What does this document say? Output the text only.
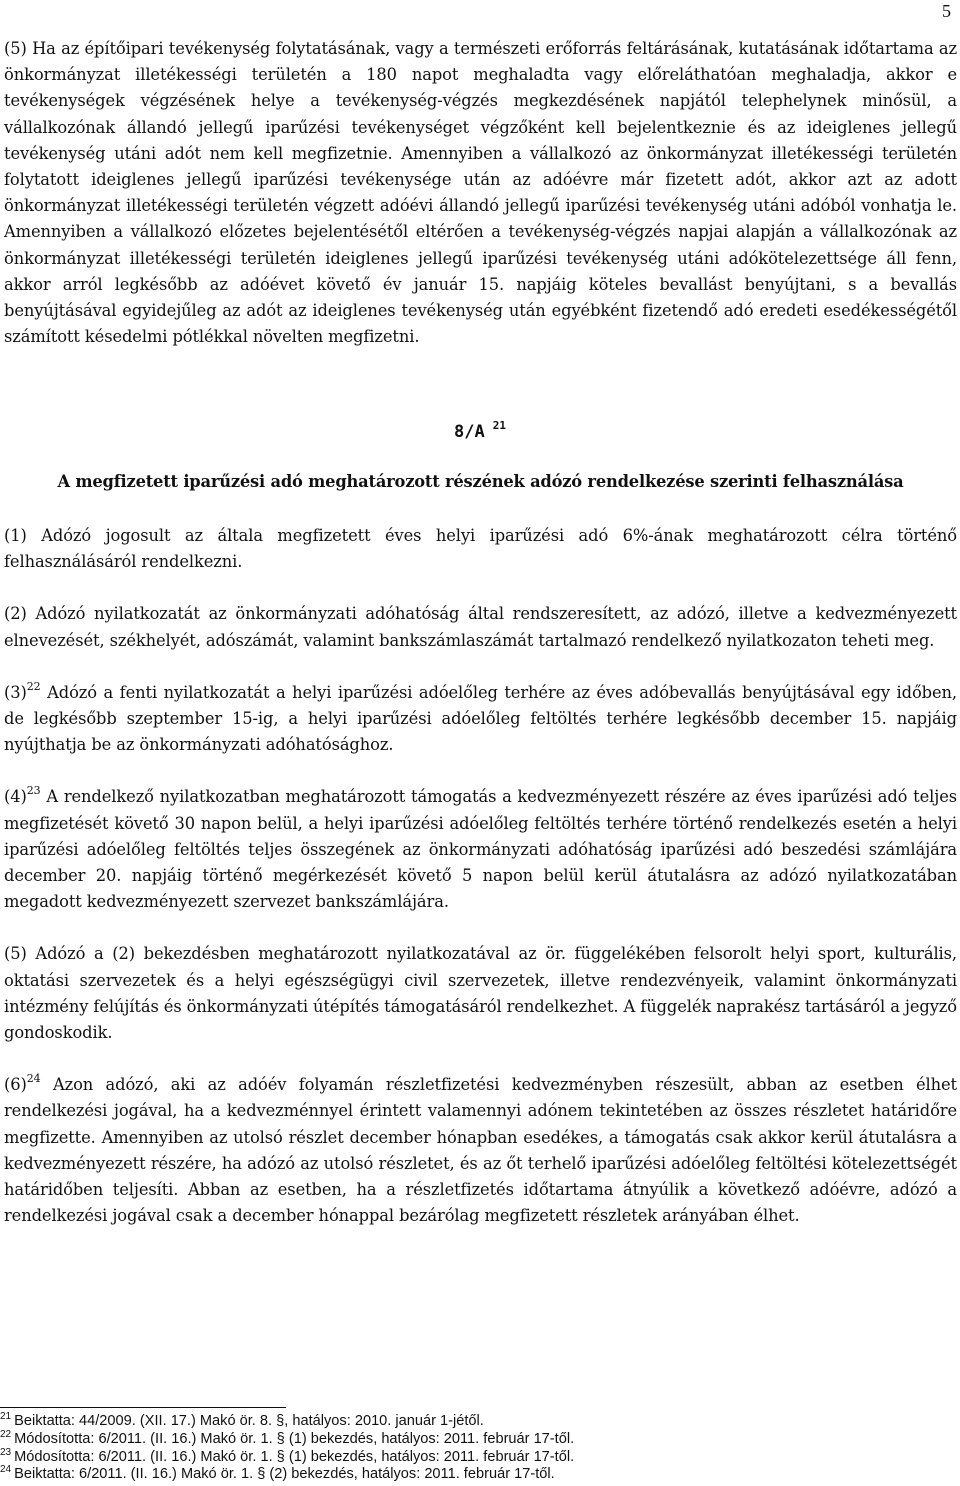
5

(5) Ha az építőipari tevékenység folytatásának, vagy a természeti erőforrás feltárásának, kutatásának időtartama az önkormányzat illetékességi területén a 180 napot meghaladta vagy előreláthatóan meghaladja, akkor e tevékenységek végzésének helye a tevékenység-végzés megkezdésének napjától telephelynek minősül, a vállalkozónak állandó jellegű iparűzési tevékenységet végzőként kell bejelentkeznie és az ideiglenes jellegű tevékenység utáni adót nem kell megfizetnie. Amennyiben a vállalkozó az önkormányzat illetékességi területén folytatott ideiglenes jellegű iparűzési tevékenysége után az adóévre már fizetett adót, akkor azt az adott önkormányzat illetékességi területén végzett adóévi állandó jellegű iparűzési tevékenység utáni adóból vonhatja le. Amennyiben a vállalkozó előzetes bejelentésétől eltérően a tevékenység-végzés napjai alapján a vállalkozónak az önkormányzat illetékességi területén ideiglenes jellegű iparűzési tevékenység utáni adókötelezettsége áll fenn, akkor arról legkésőbb az adóévet követő év január 15. napjáig köteles bevallást benyújtani, s a bevallás benyújtásával egyidejűleg az adót az ideiglenes tevékenység után egyébként fizetendő adó eredeti esedékességétől számított késedelmi pótlékkal növelten megfizetni.

8/A $^{21}$
A megfizetett iparűzési adó meghatározott részének adózó rendelkezése szerinti felhasználása

(1) Adózó jogosult az általa megfizetett éves helyi iparűzési adó 6%-ának meghatározott célra történő felhasználásáról rendelkezni.

(2) Adózó nyilatkozatát az önkormányzati adóhatóság által rendszeresített, az adózó, illetve a kedvezményezett elnevezését, székhelyét, adószámát, valamint bankszámlaszámát tartalmazó rendelkező nyilatkozaton teheti meg.

(3)$^{22}$ Adózó a fenti nyilatkozatát a helyi iparűzési adóelőleg terhére az éves adóbevallás benyújtásával egy időben, de legkésőbb szeptember 15-ig, a helyi iparűzési adóelőleg feltöltés terhére legkésőbb december 15. napjáig nyújthatja be az önkormányzati adóhatósághoz.

(4)$^{23}$ A rendelkező nyilatkozatban meghatározott támogatás a kedvezményezett részére az éves iparűzési adó teljes megfizetését követő 30 napon belül, a helyi iparűzési adóelőleg feltöltés terhére történő rendelkezés esetén a helyi iparűzési adóelőleg feltöltés teljes összegének az önkormányzati adóhatóság iparűzési adó beszedési számlájára december 20. napjáig történő megérkezését követő 5 napon belül kerül átutalásra az adózó nyilatkozatában megadott kedvezményezett szervezet bankszámlájára.

(5) Adózó a (2) bekezdésben meghatározott nyilatkozatával az ör. függelékében felsorolt helyi sport, kulturális, oktatási szervezetek és a helyi egészségügyi civil szervezetek, illetve rendezvényeik, valamint önkormányzati intézmény felújítás és önkormányzati útépítés támogatásáról rendelkezhet. A függelék naprakész tartásáról a jegyző gondoskodik.

(6)$^{24}$ Azon adózó, aki az adóév folyamán részletfizetési kedvezményben részesült, abban az esetben élhet rendelkezési jogával, ha a kedvezménnyel érintett valamennyi adónem tekintetében az összes részletet határidőre megfizette. Amennyiben az utolsó részlet december hónapban esedékes, a támogatás csak akkor kerül átutalásra a kedvezményezett részére, ha adózó az utolsó részletet, és az őt terhelő iparűzési adóelőleg feltöltési kötelezettségét határidőben teljesíti. Abban az esetben, ha a részletfizetés időtartama átnyúlik a következő adóévre, adózó a rendelkezési jogával csak a december hónappal bezárólag megfizetett részletek arányában élhet.

$^{21}$ Beiktatta: 44/2009. (XII. 17.) Makó ör. 8. §, hatályos: 2010. január 1-jétől.
$^{22}$ Módosította: 6/2011. (II. 16.) Makó ör. 1. § (1) bekezdés, hatályos: 2011. február 17-től.
$^{23}$ Módosította: 6/2011. (II. 16.) Makó ör. 1. § (1) bekezdés, hatályos: 2011. február 17-től.
$^{24}$ Beiktatta: 6/2011. (II. 16.) Makó ör. 1. § (2) bekezdés, hatályos: 2011. február 17-től.
